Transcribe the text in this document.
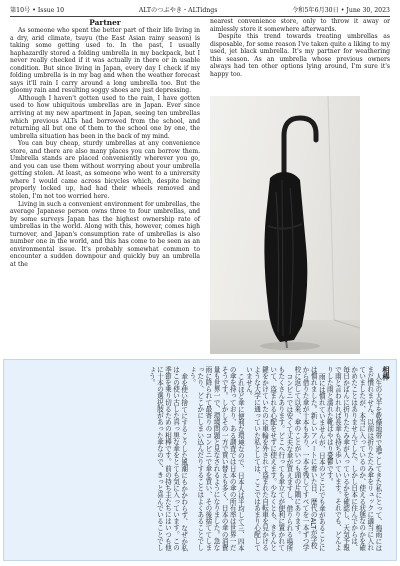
第10号 • Issue 10	ALTのつぶやき・ALTidngs	令和5年6月30日 • June 30, 2023
Partner

As someone who spent the better part of their life living in a dry, arid climate, tsuyu (the East Asian rainy season) is taking some getting used to. In the past, I usually haphazardly stored a folding umbrella in my backpack, but I never really checked if it was actually in there or in usable condition. But since living in Japan, every day I check if my folding umbrella is in my bag and when the weather forecast says it'll rain I carry around a long umbrella too. But the gloomy rain and resulting soggy shoes are just depressing.

Although I haven't gotten used to the rain, I have gotten used to how ubiquitous umbrellas are in Japan. Ever since arriving at my new apartment in Japan, seeing ten umbrellas which previous ALTs had borrowed from the school, and returning all but one of them to the school one by one, the umbrella situation has been in the back of my mind.

You can buy cheap, sturdy umbrellas at any convenience store, and there are also many places you can borrow them. Umbrella stands are placed conveniently wherever you go, and you can use them without worrying about your umbrella getting stolen. At least, as someone who went to a university where I would came across bicycles which, despite being properly locked up, had had their wheels removed and stolen, I'm not too worried here.

Living in such a convenient environment for umbrellas, the average Japanese person owns three to four umbrellas, and by some surveys Japan has the highest ownership rate of umbrellas in the world. Along with this, however, comes high turnover, and Japan's consumption rate of umbrellas is also number one in the world, and this has come to be seen as an environmental issue. It's probably somewhat common to encounter a sudden downpour and quickly buy an umbrella at the

nearest convenience store, only to throw it away or aimlessly store it somewhere afterwards.

Despite this trend towards treating umbrellas as disposable, for some reason I've taken quite a liking to my used, jet black umbrella. It's my partner for weathering this season. As an umbrella whose previous owners always had ten other options lying around, I'm sure it's happy too.

相棒

人生の大半を乾燥地帯で過ごしてきた私にとって、梅雨にはまだ慣れません。以前は折りたたみ傘をリュックに適当に入れていましたが、本当に入っているのか、使える状態なのかを確かめたことはありませんでした。しかし日本に住んでからは、毎日かばんに折りたたみ傘が入っているかを確認し、天気予報で雨と言われれば長傘も持ち歩いています。それでも、どんよりした雨と濡れた靴はやはり憂鬱です。

雨には慣れていませんが、日本のどこにでも傘があることには慣れました。新しいアパートに着いた日、歴代のALTが学校から借りた傘が十本もあり、一本を残してすべてを一本ずつ学校に返して以来、傘のことがいつも頭の片隅にあります。

コンビニでは安くて丈夫な傘が買えますし、借りられる場所もたくさんあります。どこへ行っても傘立てが便利に置かれていて、盗まれる心配をせずに使えます。少なくとも、きちんと鍵をかけていたのに車輪を外されて盗まれた自転車を見かけるような大学に通っていた私としては、ここではあまり心配していません。

これほど傘に便利な環境なので、日本人は平均して三、四本の傘を持っており、ある調査では日本の傘の所有率は世界一だそうです。しかしその一方で買い替えも多く、日本の傘の消費量も世界一で、環境問題と見なされるようになりました。急な雨に降られて最寄りのコンビニで傘を買い、その後捨ててしまったり、どこかにしまい込んだりすることはよくあることでしょう。

傘を使い捨てにするこうした風潮にもかかわらず、なぜか私はこの使い古した真っ黒な傘をとても気に入っています。この季節を乗り切るための相棒です。前の持ち主たちにはいつも他に十本の選択肢があった傘なので、きっと喜んでいることでしょう。
